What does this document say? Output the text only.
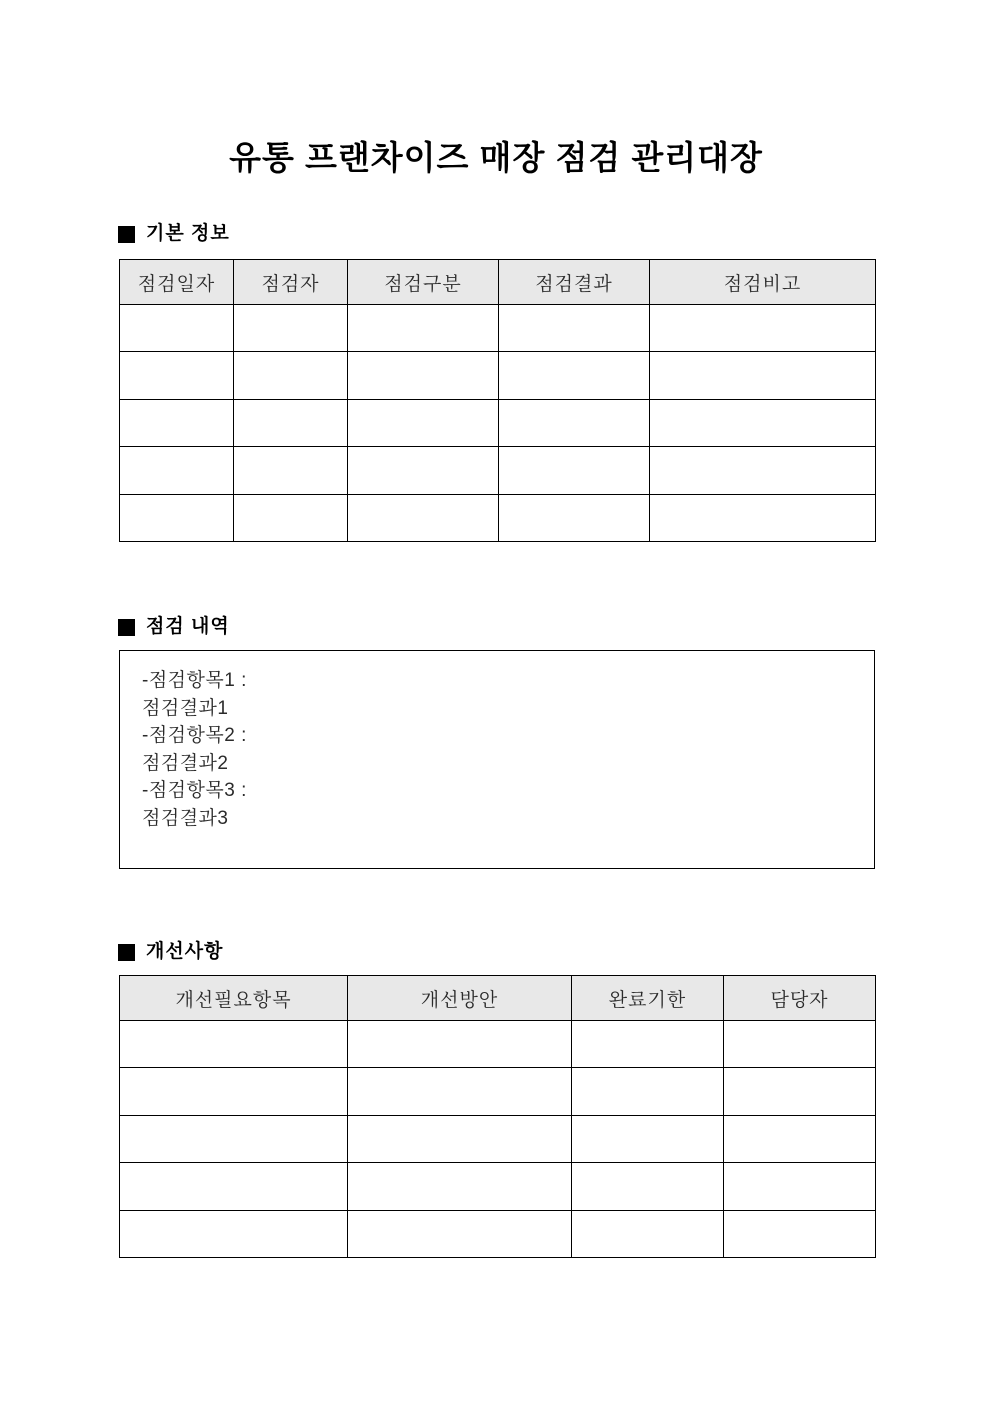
유통 프랜차이즈 매장 점검 관리대장
기본 정보
점검일자	점검자	점검구분	점검결과	점검비고

점검 내역
-점검항목1 :
점검결과1
-점검항목2 :
점검결과2
-점검항목3 :
점검결과3
개선사항
개선필요항목	개선방안	완료기한	담당자
